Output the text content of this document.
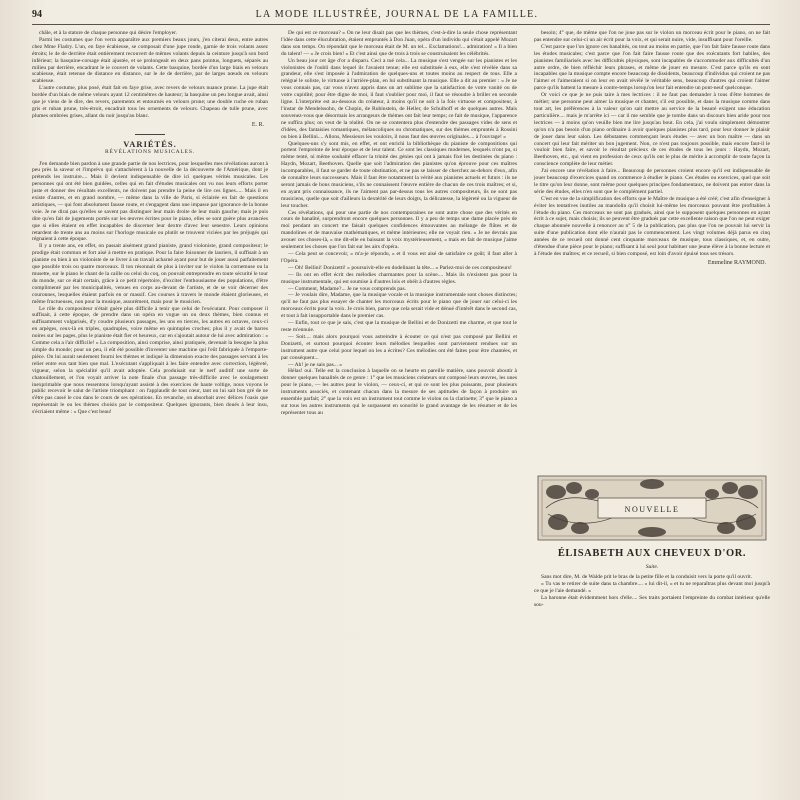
94	LA MODE ILLUSTRÉE, JOURNAL DE LA FAMILLE.

châle, et à la stature de chaque personne qui désire l'employer.

Parmi les costumes que l'on verra apparaître aux premiers beaux jours, j'en citerai deux, entre autres chez Mme Fladry. L'un, en faye écabieuse, se composait d'une jupe ronde, garnie de trois volants assez étroits; le 4e de derrière était entièrement recouvert de mêmes volants depuis la ceinture jusqu'à son bord inférieur; la basquine-corsage était ajustée, et se prolongeait en deux pans pointus, longuets, séparés au milieu par derrière, encadrant le ie couvert de volants. Cette basquine, bordée d'un large biais en velours scabieuse, était retenue de distance en distance, sur le 4e de derrière, par de larges nœuds en velours scabieuse.

L'autre costume, plus posé, était fait en faye grise, avec revers de velours nuance prune. La jupe était bordée d'un biais de même velours ayant 12 centimètres de hauteur; la basquine un peu longue avait, ainsi que je viens de le dire, des revers, parements et entournés en velours prune; une double ruche en ruban gris et ruban prune, très-étroit, encadrait tous les ornements de velours. Chapeau de tulle prune, avec plumes ombrées grises, allant du noir jusqu'au blanc.

E. R.
VARIÉTÉS.
RÉVÉLATIONS MUSICALES.

J'en demande bien pardon à une grande partie de nos lectrices, pour lesquelles mes révélations auront à peu près la saveur et l'imprévu qui s'attachèrent à la nouvelle de la découverte de l'Amérique, dont je prétends les instruire.... Mais il devient indispensable de dire ici quelques vérités musicales. Les personnes qui ont été bien guidées, celles qui en fait d'études musicales ont vu nos leurs efforts porter juste et donner des résultats excellents, ne doivent pas prendre la peine de lire ces lignes..... Mais il en existe d'autres, et en grand nombre, — même dans la ville de Paris, si éclairée en fait de questions artistiques, — qui font absolument fausse route, et s'engagent dans une impasse par ignorance de la bonne voie. Je ne dirai pas qu'elles se savent pas distinguer leur main droite de leur main gauche; mais je puis dire qu'en fait de jugements portés sur les œuvres écrites pour le piano, elles se sont guère plus avancées que si elles étaient en effet incapables de discerner leur dextre d'avec leur senestre. Leurs opinions retardent de trente ans au moins sur l'horloge musicale ou plutôt se trouvent viciées par les préjugés qui régnaient à cette époque.

Il y a trente ans, en effet, on passait aisément grand pianiste, grand violoniste, grand compositeur; le prodige était commun et fort aisé à mettre en pratique. Pour la faire foisonner de lauriers, il suffisait à un pianiste ou bien à un violoniste de se livrer à un travail acharné ayant pour but de jouer aussi parfaitement que possible trois ou quatre morceaux. Il ton résonnait de plus à inviter sur le violon la cornemuse ou la musette, sur le piano le chant de la caille ou celui du coq, on pouvait entreprendre en toute sécurité le tour du monde, sur ce était certain, grâce à ce petit répertoire, d'exciter l'enthousiasme des populations, d'être complimenté par les municipalités, venues en corps au-devant de l'artiste, et de se voir décerner des couronnes, lesquelles étaient parfois en or massif. Ces courses à travers le monde étaient glorieuses, et même fructueuses, non pour la musique, assurément, mais pour le musicien.

Le rôle du compositeur n'était guère plus difficile à tenir que celui de l'exécutant. Pour composer il suffisait, à cette époque, de prendre dans un opéra en vogue un ou deux thèmes, bien connus et suffisamment vulgarisés, d'y coudre plusieurs passages, les uns en tierces, les autres en octaves, ceux-ci en arpèges, ceux-là en triples, quadruples, voire même en quintuples croches; plus il y avait de barres noires sur les pages, plus le pianiste était fier et heureux, car en s'ajoutait autour de lui avec admiration : « Comme cela a l'air difficile! » La composition, ainsi comprise, ainsi pratiquée, devenait la besogne la plus simple du monde; pour un peu, il eût été possible d'inventer une machine qui l'eût fabriquée à l'emporte-pièce. On lui aurait seulement fourni les thèmes et indiqué la dimension exacte des passages servant à les relier entre eux tant bien que mal. L'exécutant s'appliquait à les faire entendre avec correction, légèreté, vigueur, selon la spécialité qu'il avait adoptée. Cela produisait sur le nerf auditif une sorte de chatouillement, et l'on voyait arriver la note finale d'un passage très-difficile avec le soulagement inexprimable que nous ressentons lorsqu'ayant assisté à des exercices de haute voltige, nous voyons le public recevoir le salut de l'artiste triomphant : on l'applaudit de tout cœur, tant on lui sait bon gré de ne s'être pas cassé le cou dans le cours de ses opérations. En revanche, on absorbait avec délices l'oasis que représentait le ou les thèmes choisis par le compositeur. Quelques ignorants, bien doués à leur insu, s'écriaient même : « Que c'est beau!

De qui est ce morceau? » On ne leur disait pas que les thèmes, c'est-à-dire la seule chose représentant l'idée dans cette élucubration, étaient empruntés à Don Juan, opéra d'un individu qui s'était appelé Mozart dans son temps. On répondait que le morceau était de M. un tel... Exclamations!... admiration! « Il a bien du talent! — « Je crois bien! » Et c'est ainsi que de trois à trois se construisaient les célébrités.

Un beau jour cet âge d'or a disparu. Ceci a tué cela... La musique s'est vengée sur les pianistes et les violonistes de l'oubli dans lequel ils l'avaient tenue; elle est substituée à eux, elle s'est révélée dans sa grandeur, elle s'est imposée à l'admiration de quelques-uns et toutes moins au respect de tous. Elle a relégué le soliste, le virtuose à l'arrière-plan, en lui substituant la musique. Elle a dit au premier : « Je ne vous connais pas, car vous n'avez appris dans un art sublime que la satisfaction de votre vanité ou de votre cupidité; pour être digne de moi, il faut s'oublier pour moi, il faut se résoudre à briller en seconde ligne. L'interprète est au-dessous du créateur, à moins qu'il ne soit à la fois virtuose et compositeur, à l'instar de Mendelssohn, de Chopin, de Rubinstein, de Heller, de Schulhoff et de quelques autres. Mais souvenez-vous que désormais les arrangeurs de thèmes ont fait leur temps; ce fait de musique, l'apparence ne suffira plus; on veut de la réalité. On ne se contentera plus d'entendre des passages vides de sens et d'idées, des fantaisies romantiques, mélancoliques ou chromatiques, sur des thèmes empruntés à Rossini ou bien à Bellini.... Allons, Messieurs les vouloirs, il nous faut des œuvres originales.... à l'ouvrage! »

Quelques-uns s'y sont mis, en effet, et ont enrichi la bibliothèque du pianiste de compositions qui portent l'empreinte de leur époque et de leur talent. Ce sont les classiques modernes, lesquels n'ont pu, si même tenté, ni même souhaité effacer la trinité des génies qui ont à jamais fixé les destinées du piano : Haydn, Mozart, Beethoven. Quelle que soit l'admiration des pianistes qu'on éprouve pour ces maîtres incomparables, il faut se garder de toute obstination, et ne pas se laisser de cherchez au-dehors d'eux, afin de connaître leurs successeurs. Mais il faut être notamment la vérité aux pianistes actuels et futurs : ils ne seront jamais de bons musiciens, s'ils ne connaissent l'œuvre entière de chacun de ces trois maîtres; et si, en ayant pris connaissance, ils ne l'aiment pas par-dessus tous les autres compositeurs, ils ne sont pas musiciens, quelle que soit d'ailleurs la dextérité de leurs doigts, la délicatesse, la légèreté ou la vigueur de leur toucher.

Ces révélations, qui pour une partie de nos contemporaines ne sont autre chose que des vérités en cours de banalité, surprendront encore quelques personnes. Il y a peu de temps une dame placée près de moi pendant un concert me faisait quelques confidences émouvantes au mélange de flûtes et de mandolines et de mauvaise mathématiques, et même intérieures; elle ne voyait rien. « Je ne devrais pas avouer ces choses-là, » me dit-elle en baissant la voix mystérieusement, « mais en fait de musique j'aime seulement les choses que l'on fait sur les airs d'opéra.

— Cela peut se concevoir, » m'a-je répondu, « et il vous est aisé de satisfaire ce goût; il faut aller à l'Opéra.

— Oh! Bellini! Donizetti! » poursuivit-elle en dodelinant la tête... « Parlez-moi de ces compositeurs!

— Ils ont en effet écrit des mélodies charmantes pour la scène.... Mais ils n'existent pas pour la musique instrumentale, qui est soumise à d'autres lois et obéit à d'autres règles.

— Comment, Madame?... Je ne vous comprends pas.

— Je voulais dire, Madame, que la musique vocale et la musique instrumentale sont choses distinctes; qu'il ne faut pas plus essayer de chanter les morceaux écrits pour le piano que de jouer sur celui-ci les morceaux écrits pour la voix. Je crois bien, parce que cela serait vide et dénué d'intérêt dans le second cas, et tout à fait insupportable dans le premier cas.

— Enfin, tout ce que je sais, c'est que la musique de Bellini et de Donizetti me charme, et que tout le reste m'ennuie.

— Soit.... mais alors pourquoi vous astreindre à écouter ce qui n'est pas composé par Bellini et Donizetti, et surtout pourquoi écouter leurs mélodies lesquelles sont parviennent rendues sur un instrument autre que celui pour lequel on les a écrites? Ces mélodies ont été faites pour être chantées, et par conséquent...

— Ah! je ne sais pas... »

Hélas! oui. Telle est la conclusion à laquelle on se heurte en pareille matière, sans pouvoir aboutir à donner quelques banalités de ce genre : 1° que les musiciens créateurs ont composé leurs œuvres, les unes pour le piano, — les autres pour le violon, — ceux-ci, et qui ce sont les plus puissants, pour plusieurs instruments associés, et contenant chacun dans la mesure de ses aptitudes de façon à produire un ensemble parfait; 2° que la voix est un instrument tout comme le violon ou la clarinette; 3° que le piano a sur tous les autres instruments qui le surpassent en sonorité le grand avantage de les résumer et de les représenter tous au

besoin; 4° que, de même que l'on ne joue pas sur le violon un morceau écrit pour le piano, on ne fait pas entendre sur celui-ci un air écrit pour la voix, et qui serait nuire, vide, insuffisant pour l'oreille.

C'est parce que l'on ignore ces banalités, ou tout au moins en partie, que l'on fait faire fausse route dans les études musicales; c'est parce que l'on fait faire fausse route que des exécutants fort habiles, des pianistes familiarisés avec les difficultés physiques, sont incapables de s'accommoder aux difficultés d'un autre ordre, de bien réfléchir leurs phrases, et même de jouer en mesure. C'est parce qu'ils en sont incapables que la musique compte encore beaucoup de dissidents, beaucoup d'individus qui croient ne pas l'aimer et l'aimeraient si on leur en avait révélé le véritable sens, beaucoup d'autres qui croient l'aimer parce qu'ils battent la mesure à contre-temps lorsqu'on leur fait entendre un pont-neuf quelconque.

Or voici ce que je ne puis taire à mes lectrices : il ne faut pas demander à tous d'être hommes de métier; une personne peut aimer la musique et chanter, s'il est possible, et dans la musique comme dans tout art, les préférences à la valeur qu'on sait mettre au service de la beauté exigent une éducation particulière.... mais je m'arrête ici — car il me semble que je tombe dans un discours bien aride pour nos lectrices — à moins qu'on veuille bien me lire jusqu'au bout. En cela, j'ai voulu simplement démontrer qu'on n'a pas besoin d'un piano ordinaire à avoir quelques pianistes plus tard, pour leur donner le plaisir de jouer dans leur salon. Les débutantes commençant leurs études — avec un bon maître — dans un concert qui leur fait mériter un bon jugement. Non, ce n'est pas toujours possible, mais encore faut-il le vouloir bien faire, et savoir le résultat précieux de ces études de tous les jours : Haydn, Mozart, Beethoven, etc., qui vient en profession de ceux qu'ils ont le plus de mérite à accomplir de toute façon la conscience complète de leur métier.

J'ai encore une révélation à faire... Beaucoup de personnes croient encore qu'il est indispensable de jouer beaucoup d'exercices quand on commence à étudier le piano. Ces études ou exercices, quel que soit le titre qu'on leur donne, sont même pour quelques principes fondamentaux, ne doivent pas entrer dans la série des études, elles n'en sont que le complément partiel.

C'est en vue de la simplification des efforts que le Maître de musique a été créé; c'est afin d'enseigner à éviter les tentatives inutiles au mandolin qu'il choisit lui-même les morceaux pouvant être profitables à l'étude du piano. Ces morceaux ne sont pas gradués, ainsi que le supposent quelques personnes en ayant écrit à ce sujet, mais choisis; ils se peuvent être gradués par cette excellente raison que l'on ne peut exiger chaque abonnée nouvelle à renoncer au n° 5 de la publication, pas plus que l'on ne pouvait lui servir la suite d'une publication dont elle n'aurait pas le commencement. Les vingt volumes déjà parus en cinq années de ce recueil ont donné cent cinquante morceaux de musique, tous classiques, et, en outre, d'étendue d'une pièce pour le piano; suffisant à lui seul pour habituer une jeune élève à la bonne lecture et à l'étude des maîtres; et ce recueil, si bien composé, est loin d'avoir épuisé tous ses trésors.

Emmeline RAYMOND.
NOUVELLE
ÉLISABETH AUX CHEVEUX D'OR.
Suite.

Sans mot dire, M. de Walde prit le bras de la petite fille et la conduisit vers la porte qu'il ouvrit.

« Tu vas te retirer de suite dans ta chambre.... » lui dit-il, « et tu ne reparaîtras plus devant moi jusqu'à ce que je l'aie demandé. »

La baronne était évidemment hors d'elle.... Ses traits portaient l'empreinte du combat intérieur qu'elle sou-
